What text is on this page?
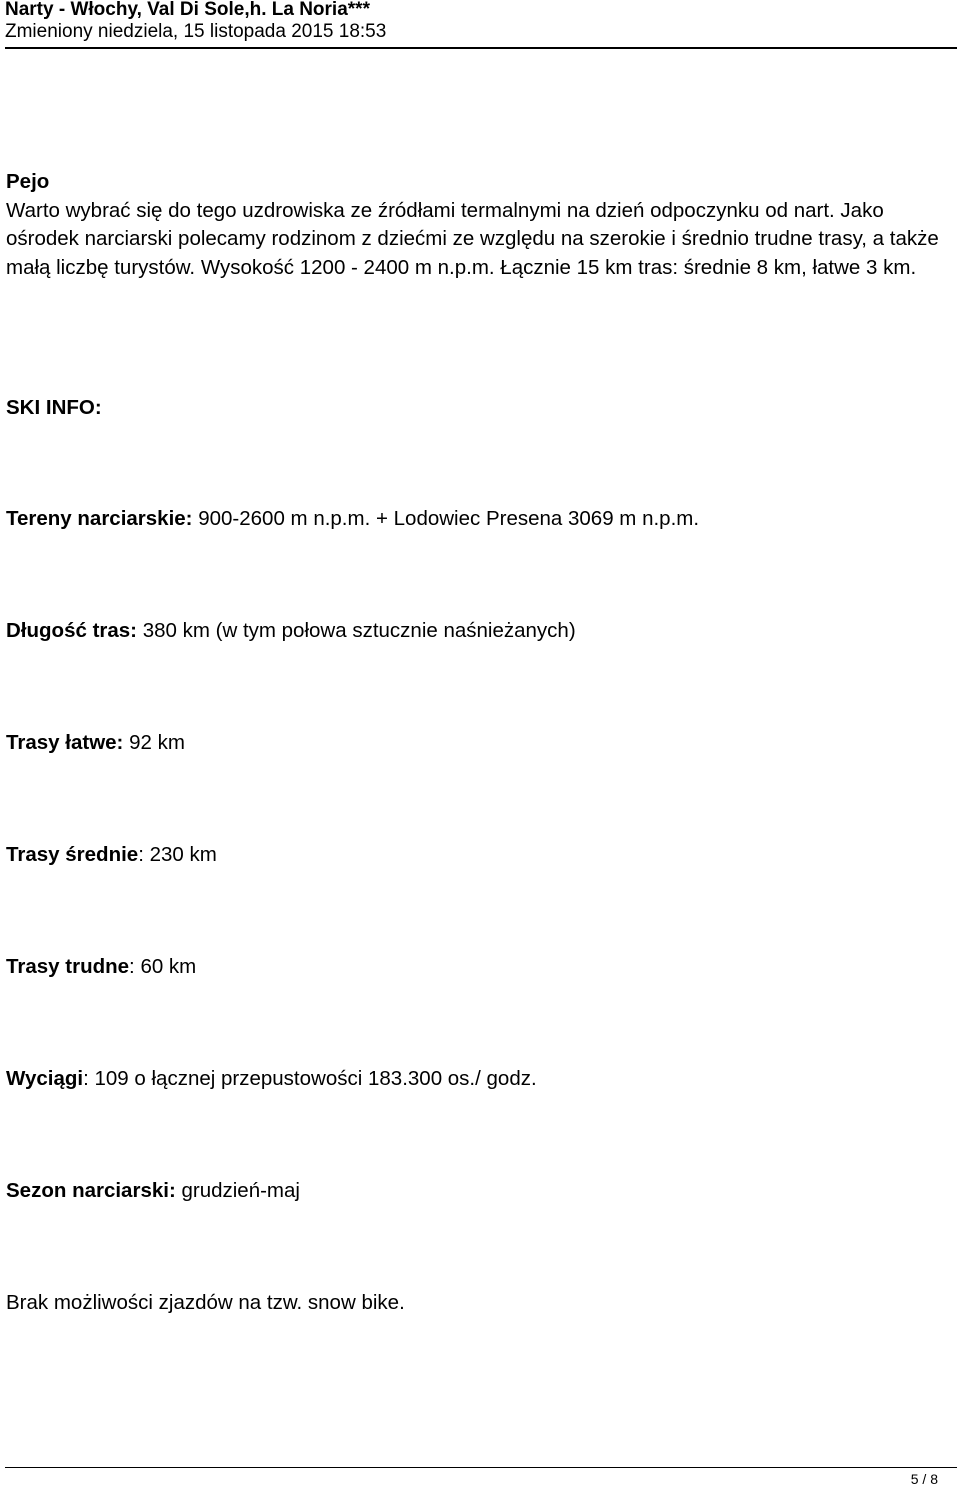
Narty - Włochy, Val Di Sole,h. La Noria***

Zmieniony niedziela, 15 listopada 2015 18:53

Pejo

Warto wybrać się do tego uzdrowiska ze źródłami termalnymi na dzień odpoczynku od nart. Jako ośrodek narciarski polecamy rodzinom z dziećmi ze względu na szerokie i średnio trudne trasy, a także małą liczbę turystów. Wysokość 1200 - 2400 m n.p.m. Łącznie 15 km tras: średnie 8 km, łatwe 3 km.

SKI INFO:

Tereny narciarskie: 900-2600 m n.p.m. + Lodowiec Presena 3069 m n.p.m.

Długość tras: 380 km (w tym połowa sztucznie naśnieżanych)

Trasy łatwe: 92 km

Trasy średnie: 230 km

Trasy trudne: 60 km

Wyciągi: 109 o łącznej przepustowości 183.300 os./ godz.

Sezon narciarski: grudzień-maj

Brak możliwości zjazdów na tzw. snow bike.

5 / 8
